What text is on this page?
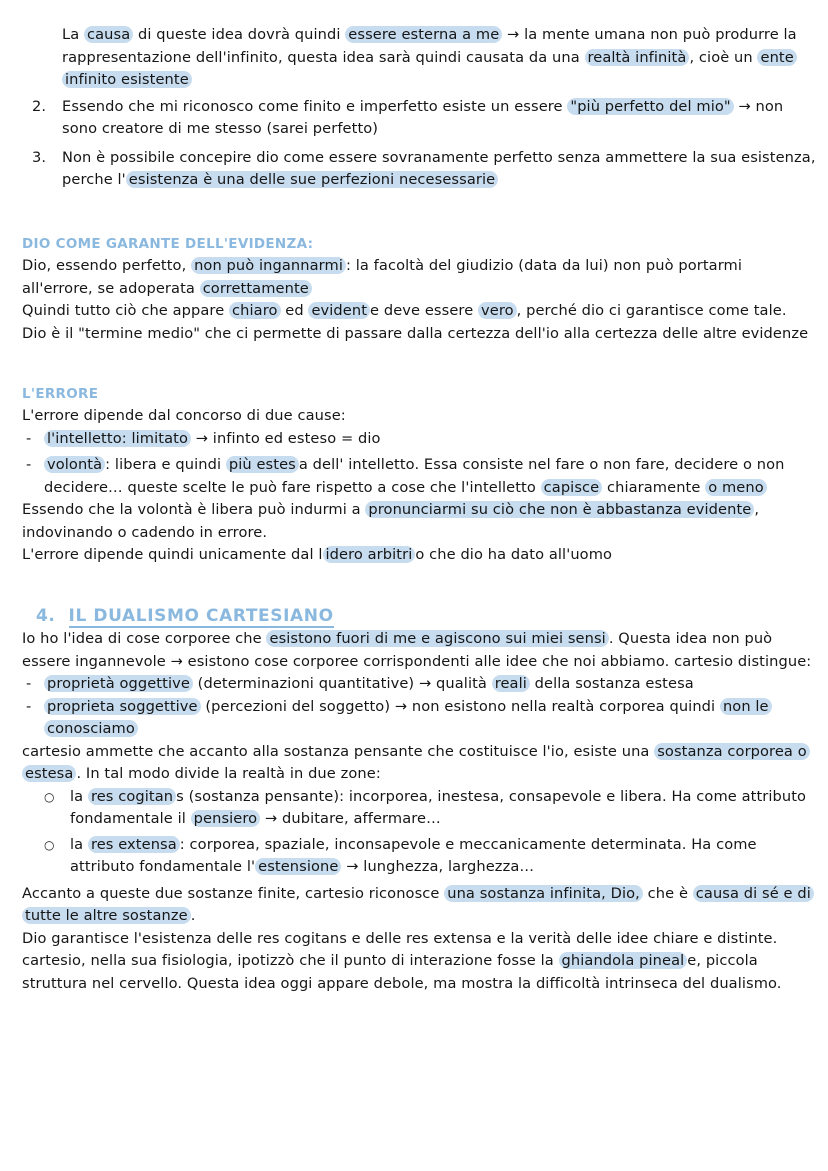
La causa di queste idea dovrà quindi essere esterna a me → la mente umana non può produrre la rappresentazione dell'infinito, questa idea sarà quindi causata da una realtà infinità , cioè un ente infinito esistente

2.	Essendo che mi riconosco come finito e imperfetto esiste un essere "più perfetto del mio" → non sono creatore di me stesso (sarei perfetto)

3.	Non è possibile concepire dio come essere sovranamente perfetto senza ammettere la sua esistenza, perche l' esistenza è una delle sue perfezioni necesessarie

DIO COME GARANTE DELL'EVIDENZA:

Dio, essendo perfetto, non può ingannarmi : la facoltà del giudizio (data da lui) non può portarmi all'errore, se adoperata correttamente

Quindi tutto ciò che appare chiaro ed evident e deve essere vero , perché dio ci garantisce come tale. Dio è il "termine medio" che ci permette di passare dalla certezza dell'io alla certezza delle altre evidenze

L'ERRORE

L'errore dipende dal concorso di due cause:

-	l'intelletto: limitato → infinto ed esteso = dio

-	volontà : libera e quindi più estes a dell' intelletto. Essa consiste nel fare o non fare, decidere o non decidere… queste scelte le può fare rispetto a cose che l'intelletto capisce chiaramente o meno

Essendo che la volontà è libera può indurmi a pronunciarmi su ciò che non è abbastanza evidente , indovinando o cadendo in errore.

L'errore dipende quindi unicamente dal l idero arbitri o che dio ha dato all'uomo

4. IL DUALISMO CARTESIANO

Io ho l'idea di cose corporee che esistono fuori di me e agiscono sui miei sensi . Questa idea non può essere ingannevole → esistono cose corporee corrispondenti alle idee che noi abbiamo. cartesio distingue:

-	proprietà oggettive (determinazioni quantitative) → qualità reali della sostanza estesa

-	proprieta soggettive (percezioni del soggetto) → non esistono nella realtà corporea quindi non le conosciamo

cartesio ammette che accanto alla sostanza pensante che costituisce l'io, esiste una sostanza corporea o estesa . In tal modo divide la realtà in due zone:

○	la res cogitan s (sostanza pensante): incorporea, inestesa, consapevole e libera. Ha come attributo fondamentale il pensiero → dubitare, affermare…

○	la res extensa : corporea, spaziale, inconsapevole e meccanicamente determinata. Ha come attributo fondamentale l' estensione → lunghezza, larghezza…

Accanto a queste due sostanze finite, cartesio riconosce una sostanza infinita, Dio, che è causa di sé e di tutte le altre sostanze .

Dio garantisce l'esistenza delle res cogitans e delle res extensa e la verità delle idee chiare e distinte.

cartesio, nella sua fisiologia, ipotizzò che il punto di interazione fosse la ghiandola pineal e, piccola struttura nel cervello. Questa idea oggi appare debole, ma mostra la difficoltà intrinseca del dualismo.
